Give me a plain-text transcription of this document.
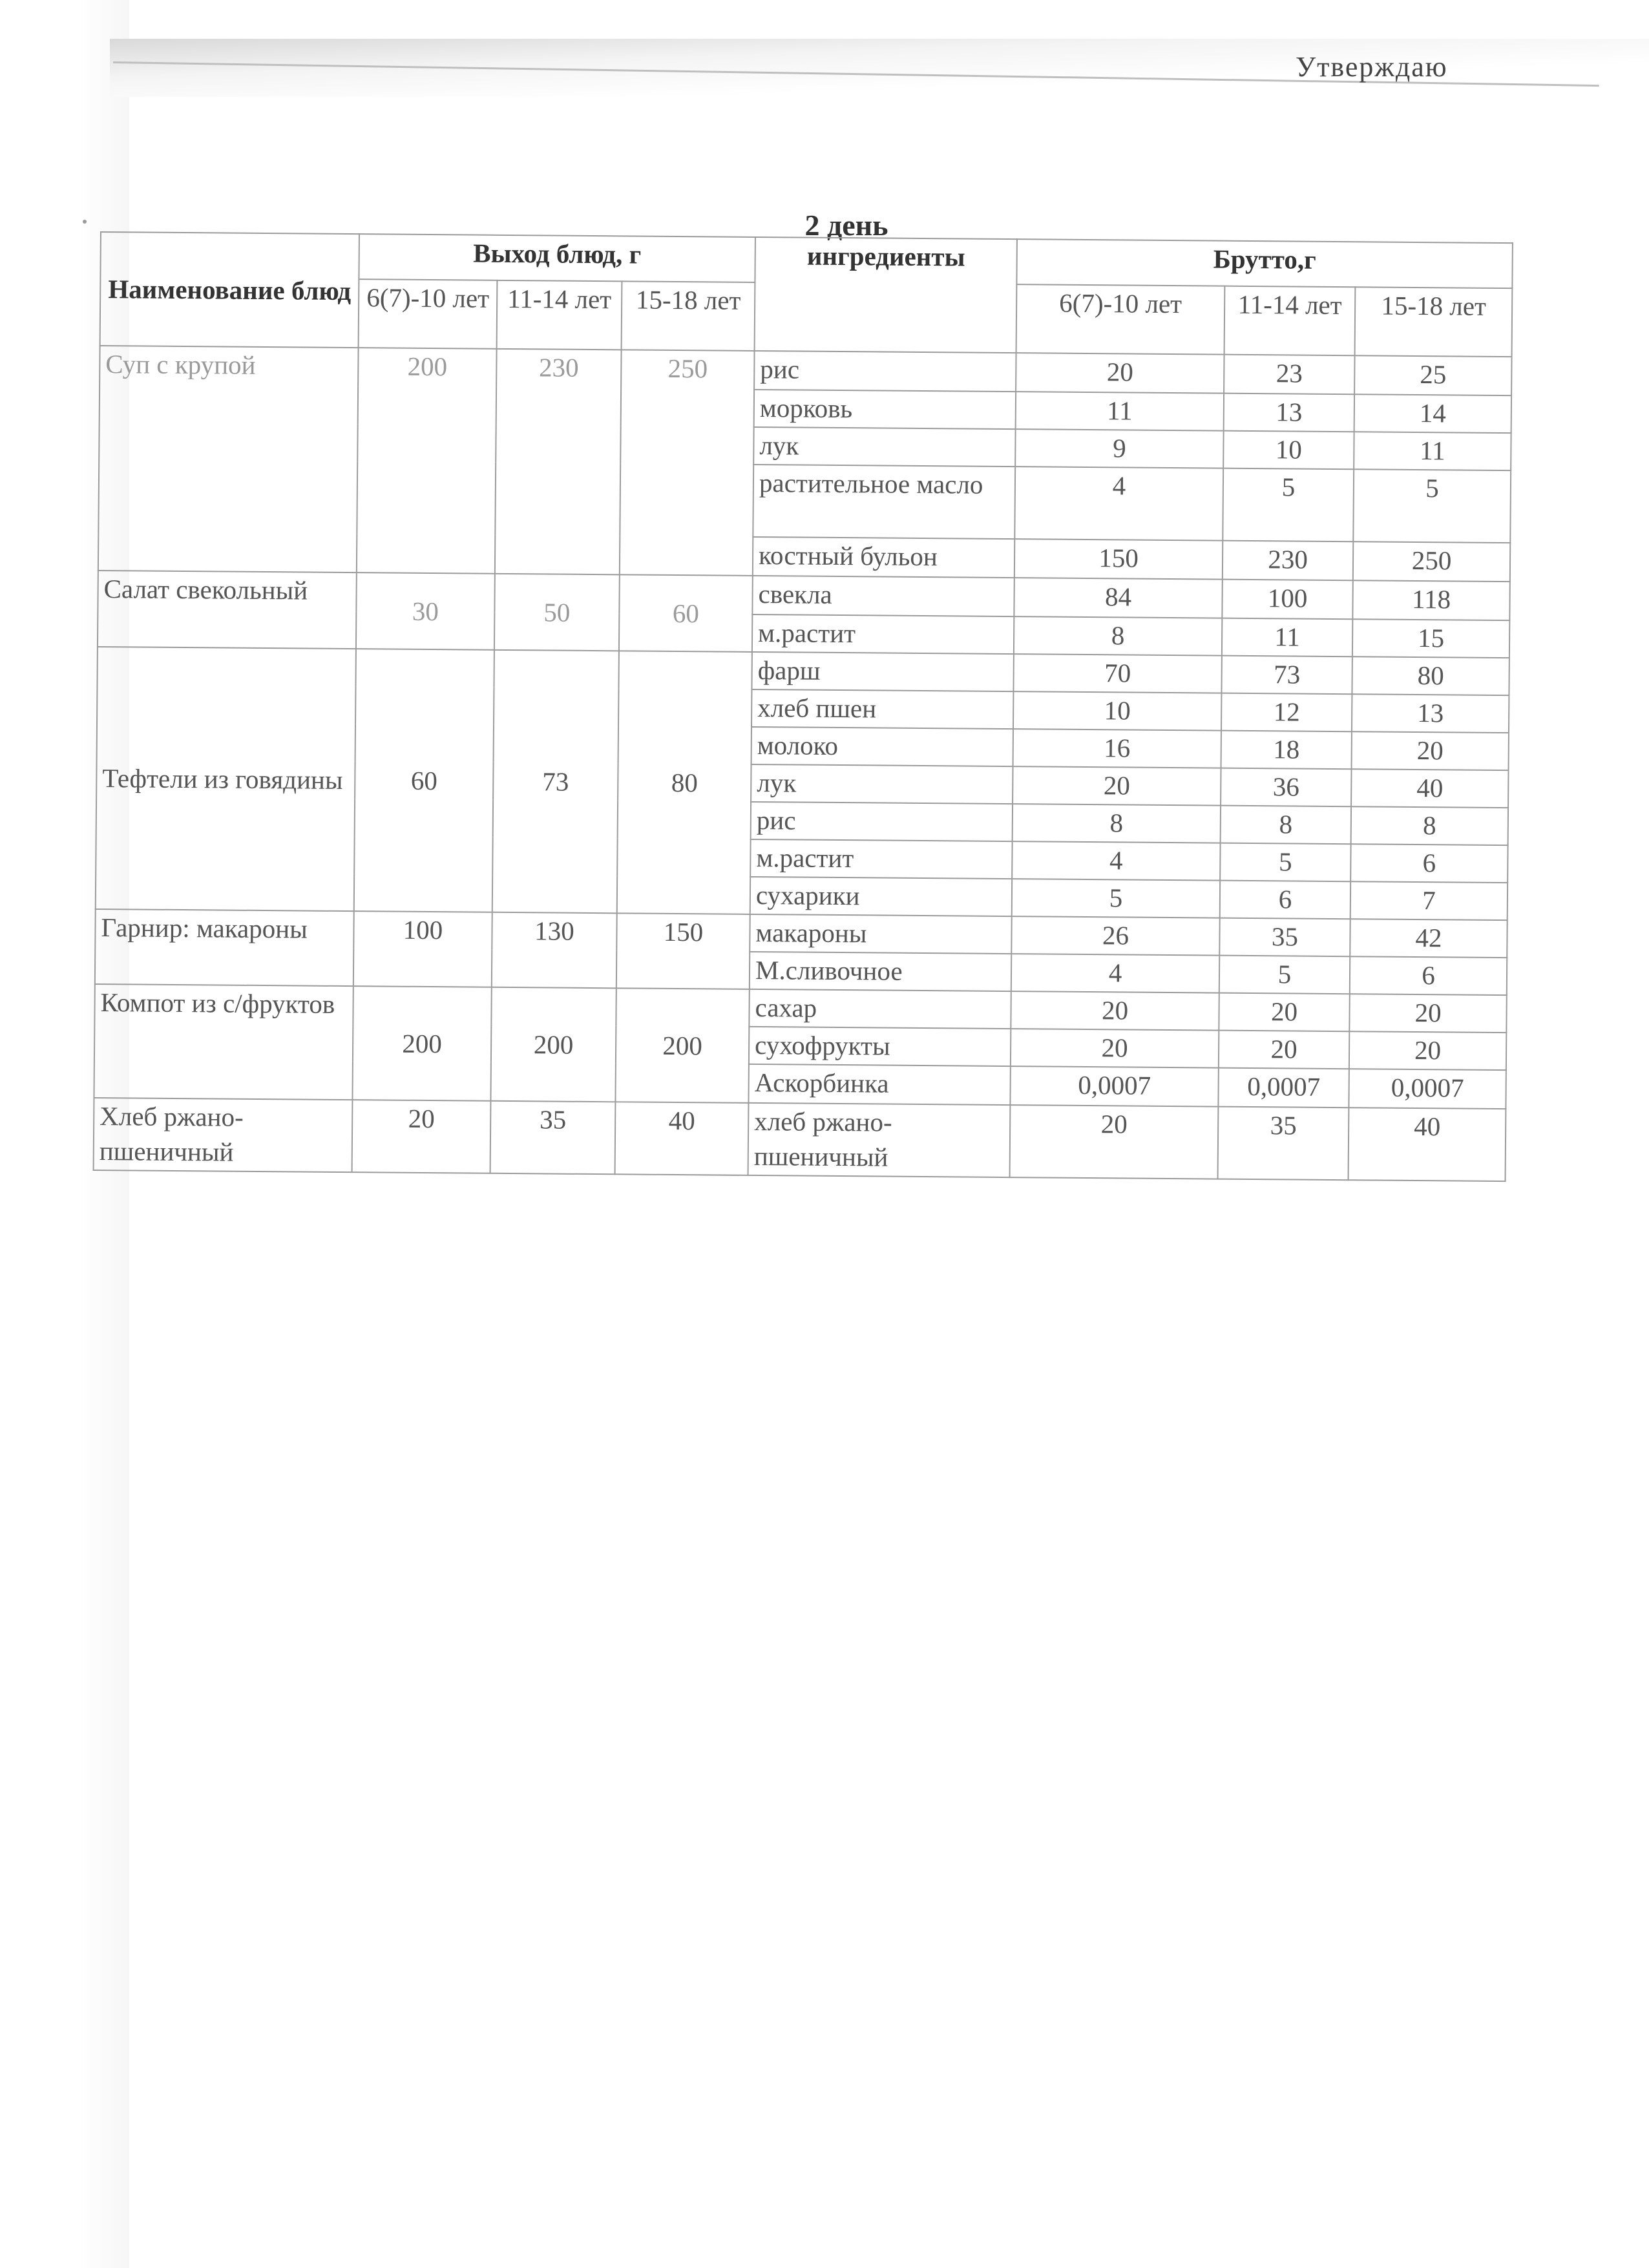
Утверждаю
2 день
Наименование блюд	Выход блюд, г			ингредиенты	Брутто,г		
	6(7)-10 лет	11-14 лет	15-18 лет		6(7)-10 лет	11-14 лет	15-18 лет
Суп с крупой	200	230	250	рис	20	23	25
				морковь	11	13	14
				лук	9	10	11
				растительное масло	4	5	5
				костный бульон	150	230	250
Салат свекольный	30	50	60	свекла	84	100	118
				м.растит	8	11	15
Тефтели из говядины	60	73	80	фарш	70	73	80
				хлеб пшен	10	12	13
				молоко	16	18	20
				лук	20	36	40
				рис	8	8	8
				м.растит	4	5	6
				сухарики	5	6	7
Гарнир: макароны	100	130	150	макароны	26	35	42
				М.сливочное	4	5	6
Компот из с/фруктов	200	200	200	сахар	20	20	20
				сухофрукты	20	20	20
				Аскорбинка	0,0007	0,0007	0,0007
Хлеб ржано-пшеничный	20	35	40	хлеб ржано-пшеничный	20	35	40
